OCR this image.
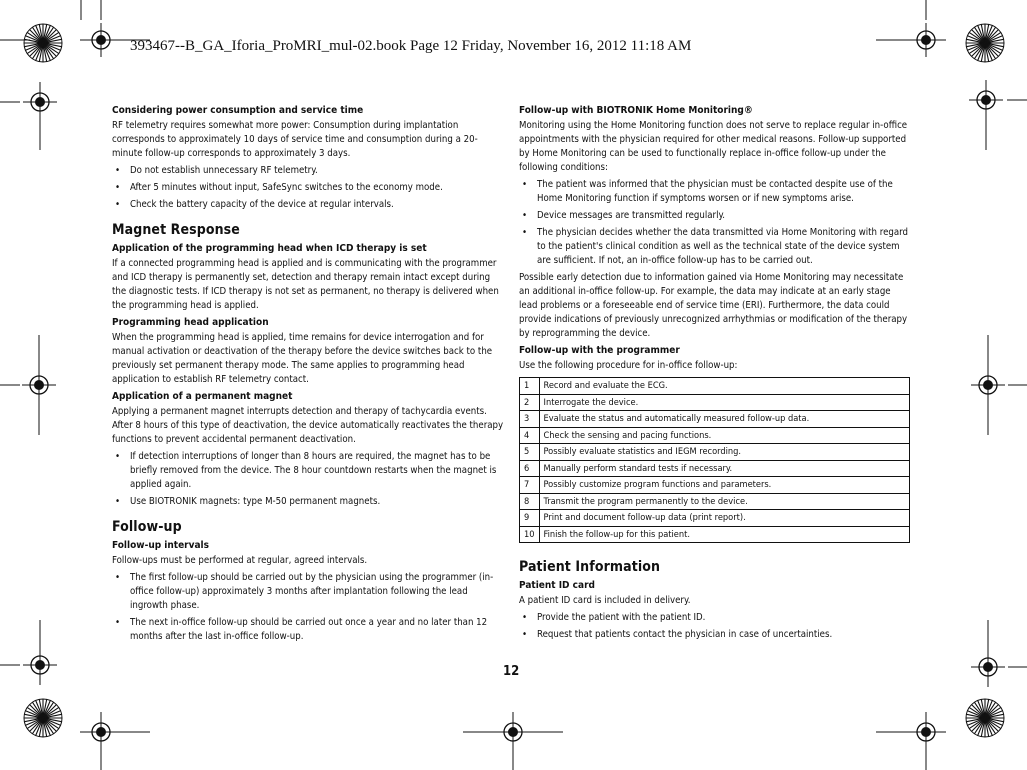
393467--B_GA_Iforia_ProMRI_mul-02.book Page 12 Friday, November 16, 2012 11:18 AM
Considering power consumption and service time
RF telemetry requires somewhat more power: Consumption during implantation corresponds to approximately 10 days of service time and consumption during a 20-minute follow-up corresponds to approximately 3 days.
• Do not establish unnecessary RF telemetry.
• After 5 minutes without input, SafeSync switches to the economy mode.
• Check the battery capacity of the device at regular intervals.
Magnet Response
Application of the programming head when ICD therapy is set
If a connected programming head is applied and is communicating with the programmer and ICD therapy is permanently set, detection and therapy remain intact except during the diagnostic tests. If ICD therapy is not set as permanent, no therapy is delivered when the programming head is applied.
Programming head application
When the programming head is applied, time remains for device interrogation and for manual activation or deactivation of the therapy before the device switches back to the previously set permanent therapy mode. The same applies to programming head application to establish RF telemetry contact.
Application of a permanent magnet
Applying a permanent magnet interrupts detection and therapy of tachycardia events. After 8 hours of this type of deactivation, the device automatically reactivates the therapy functions to prevent accidental permanent deactivation.
• If detection interruptions of longer than 8 hours are required, the magnet has to be briefly removed from the device. The 8 hour countdown restarts when the magnet is applied again.
• Use BIOTRONIK magnets: type M-50 permanent magnets.
Follow-up
Follow-up intervals
Follow-ups must be performed at regular, agreed intervals.
• The first follow-up should be carried out by the physician using the programmer (in-office follow-up) approximately 3 months after implantation following the lead ingrowth phase.
• The next in-office follow-up should be carried out once a year and no later than 12 months after the last in-office follow-up.
Follow-up with BIOTRONIK Home Monitoring®
Monitoring using the Home Monitoring function does not serve to replace regular in-office appointments with the physician required for other medical reasons. Follow-up supported by Home Monitoring can be used to functionally replace in-office follow-up under the following conditions:
• The patient was informed that the physician must be contacted despite use of the Home Monitoring function if symptoms worsen or if new symptoms arise.
• Device messages are transmitted regularly.
• The physician decides whether the data transmitted via Home Monitoring with regard to the patient's clinical condition as well as the technical state of the device system are sufficient. If not, an in-office follow-up has to be carried out.
Possible early detection due to information gained via Home Monitoring may necessitate an additional in-office follow-up. For example, the data may indicate at an early stage lead problems or a foreseeable end of service time (ERI). Furthermore, the data could provide indications of previously unrecognized arrhythmias or modification of the therapy by reprogramming the device.
Follow-up with the programmer
Use the following procedure for in-office follow-up:
1	Record and evaluate the ECG.
2	Interrogate the device.
3	Evaluate the status and automatically measured follow-up data.
4	Check the sensing and pacing functions.
5	Possibly evaluate statistics and IEGM recording.
6	Manually perform standard tests if necessary.
7	Possibly customize program functions and parameters.
8	Transmit the program permanently to the device.
9	Print and document follow-up data (print report).
10	Finish the follow-up for this patient.
Patient Information
Patient ID card
A patient ID card is included in delivery.
• Provide the patient with the patient ID.
• Request that patients contact the physician in case of uncertainties.
12
